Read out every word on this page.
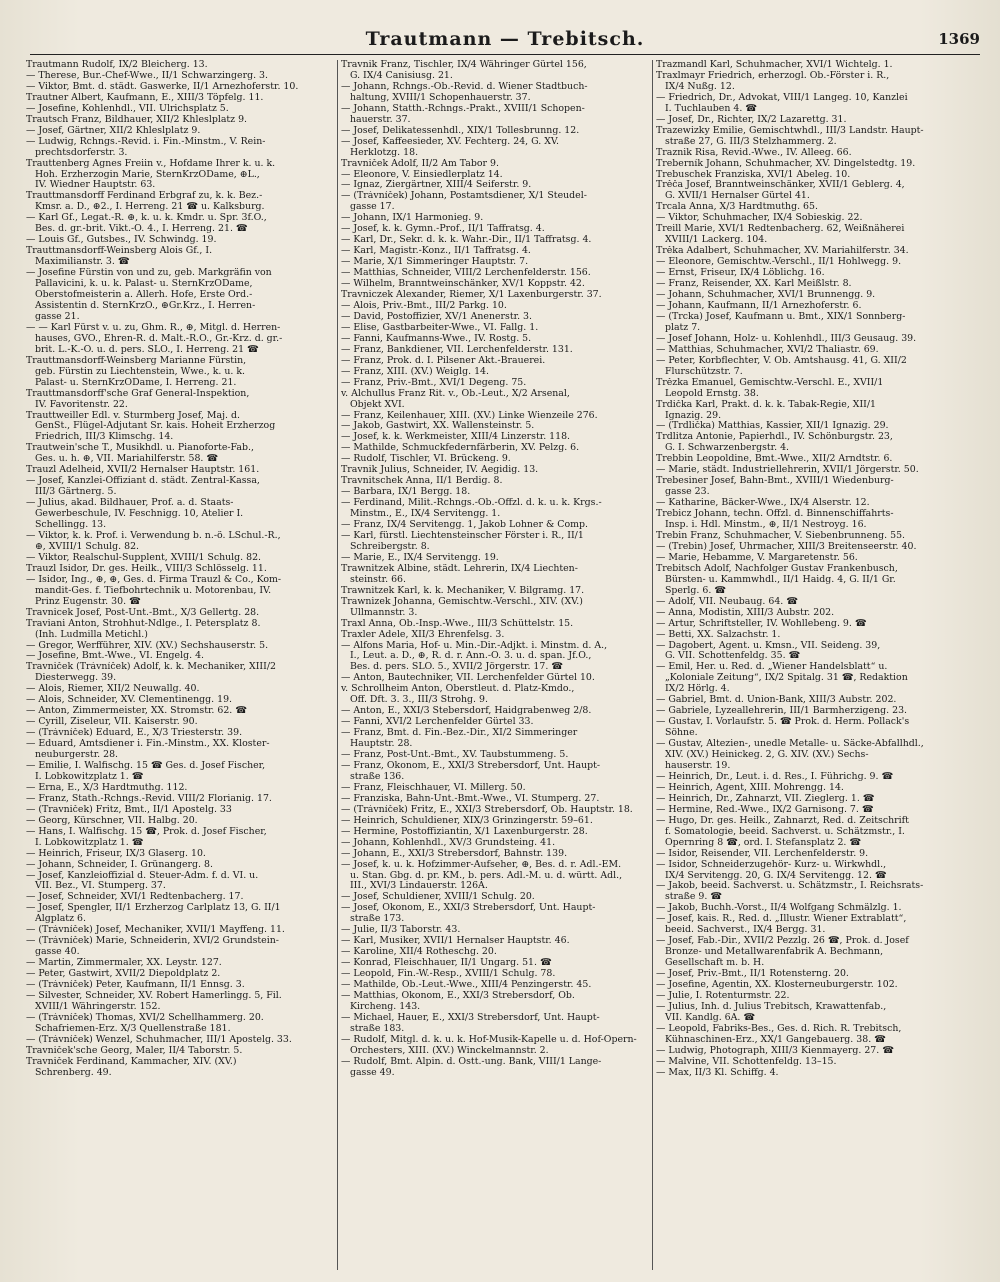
Trautmann — Trebitsch.	1369
Trautmann Rudolf, IX/2 Bleicherg. 13.
— Therese, Bur.-Chef-Wwe., II/1 Schwarzingerg. 3.
— Viktor, Bmt. d. städt. Gaswerke, II/1 Arnezhoferstr. 10.
Trautner Albert, Kaufmann, E., XIII/3 Töpfelg. 11.
— Josefine, Kohlenhdl., VII. Ulrichsplatz 5.
Trautsch Franz, Bildhauer, XII/2 Khleslplatz 9.
— Josef, Gärtner, XII/2 Khleslplatz 9.
— Ludwig, Rchngs.-Revid. i. Fin.-Minstm., V. Rein-
prechtsdorferstr. 3.
Trauttenberg Agnes Freiin v., Hofdame Ihrer k. u. k.
Hoh. Erzherzogin Marie, SternKrzODame, ⊕L.,
IV. Wiedner Hauptstr. 63.
Trauttmansdorff Ferdinand Erbgraf zu, k. k. Bez.-
Kmsr. a. D., ⊕2., I. Herreng. 21 ☎ u. Kalksburg.
— Karl Gf., Legat.-R. ⊕, k. u. k. Kmdr. u. Spr. 3f.O.,
Bes. d. gr.-brit. Vikt.-O. 4., I. Herreng. 21. ☎
— Louis Gf., Gutsbes., IV. Schwindg. 19.
Trauttmansdorff-Weinsberg Alois Gf., I.
Maximilianstr. 3. ☎
— Josefine Fürstin von und zu, geb. Markgräfin von
Pallavicini, k. u. k. Palast- u. SternKrzODame,
Oberstofmeisterin a. Allerh. Hofe, Erste Ord.-
Assistentin d. SternKrzO., ⊕Gr.Krz., I. Herren-
gasse 21.
— — Karl Fürst v. u. zu, Ghm. R., ⊕, Mitgl. d. Herren-
hauses, GVO., Ehren-R. d. Malt.-R.O., Gr.-Krz. d. gr.-
brit. L.-K.-O. u. d. pers. SLO., I. Herreng. 21 ☎
Trauttmansdorff-Weinsberg Marianne Fürstin,
geb. Fürstin zu Liechtenstein, Wwe., k. u. k.
Palast- u. SternKrzODame, I. Herreng. 21.
Trauttmansdorff'sche Graf General-Inspektion,
IV. Favoritenstr. 22.
Trauttweiller Edl. v. Sturmberg Josef, Maj. d.
GenSt., Flügel-Adjutant Sr. kais. Hoheit Erzherzog
Friedrich, III/3 Klimschg. 14.
Trautwein'sche T., Musikhdl. u. Pianoforte-Fab.,
Ges. u. h. ⊕, VII. Mariahilferstr. 58. ☎
Trauzl Adelheid, XVII/2 Hernalser Hauptstr. 161.
— Josef, Kanzlei-Offiziant d. städt. Zentral-Kassa,
III/3 Gärtnerg. 5.
— Julius, akad. Bildhauer, Prof. a. d. Staats-
Gewerbeschule, IV. Feschnigg. 10, Atelier I.
Schellingg. 13.
— Viktor, k. k. Prof. i. Verwendung b. n.-ö. LSchul.-R.,
⊕, XVIII/1 Schulg. 82.
— Viktor, Realschul-Supplent, XVIII/1 Schulg. 82.
Trauzl Isidor, Dr. ges. Heilk., VIII/3 Schlösselg. 11.
— Isidor, Ing., ⊕, ⊕, Ges. d. Firma Trauzl & Co., Kom-
mandit-Ges. f. Tiefbohrtechnik u. Motorenbau, IV.
Prinz Eugenstr. 30. ☎
Travnicek Josef, Post-Unt.-Bmt., X/3 Gellertg. 28.
Traviani Anton, Strohhut-Ndlge., I. Petersplatz 8.
(Inh. Ludmilla Metichl.)
— Gregor, Werfführer, XIV. (XV.) Sechshauserstr. 5.
— Josefine, Bmt.-Wwe., VI. Engelg. 4.
Travniček (Trávníček) Adolf, k. k. Mechaniker, XIII/2
Diesterwegg. 39.
— Alois, Riemer, XII/2 Neuwallg. 40.
— Alois, Schneider, XV. Clementinengg. 19.
— Anton, Zimmermeister, XX. Stromstr. 62. ☎
— Cyrill, Ziseleur, VII. Kaiserstr. 90.
— (Trávníček) Eduard, E., X/3 Triesterstr. 39.
— Eduard, Amtsdiener i. Fin.-Minstm., XX. Kloster-
neuburgerstr. 28.
— Emilie, I. Walfischg. 15 ☎ Ges. d. Josef Fischer,
I. Lobkowitzplatz 1. ☎
— Erna, E., X/3 Hardtmuthg. 112.
— Franz, Stath.-Rchngs.-Revid. VIII/2 Florianig. 17.
— (Travniček) Fritz, Bmt., II/1 Apostelg. 33
— Georg, Kürschner, VII. Halbg. 20.
— Hans, I. Walfischg. 15 ☎, Prok. d. Josef Fischer,
I. Lobkowitzplatz 1. ☎
— Heinrich, Friseur, IX/3 Glaserg. 10.
— Johann, Schneider, I. Grünangerg. 8.
— Josef, Kanzleioffizial d. Steuer-Adm. f. d. VI. u.
VII. Bez., VI. Stumperg. 37.
— Josef, Schneider, XVI/1 Redtenbacherg. 17.
— Josef, Spengler, II/1 Erzherzog Carlplatz 13, G. II/1
Algplatz 6.
— (Trávníček) Josef, Mechaniker, XVII/1 Mayffeng. 11.
— (Trávníček) Marie, Schneiderin, XVI/2 Grundstein-
gasse 40.
— Martin, Zimmermaler, XX. Leystr. 127.
— Peter, Gastwirt, XVII/2 Diepoldplatz 2.
— (Trávníček) Peter, Kaufmann, II/1 Ennsg. 3.
— Silvester, Schneider, XV. Robert Hamerlingg. 5, Fil.
XVIII/1 Währingerstr. 152.
— (Trávníček) Thomas, XVI/2 Schellhammerg. 20.
Schafriemen-Erz. X/3 Quellenstraße 181.
— (Trávníček) Wenzel, Schuhmacher, III/1 Apostelg. 33.
Travniček'sche Georg, Maler, II/4 Taborstr. 5.
Travniček Ferdinand, Kammacher, XIV. (XV.)
Schrenberg. 49.
Travnik Franz, Tischler, IX/4 Währinger Gürtel 156,
G. IX/4 Canisiusg. 21.
— Johann, Rchngs.-Ob.-Revid. d. Wiener Stadtbuch-
haltung, XVIII/1 Schopenhauerstr. 37.
— Johann, Statth.-Rchngs.-Prakt., XVIII/1 Schopen-
hauerstr. 37.
— Josef, Delikatessenhdl., XIX/1 Tollesbrunng. 12.
— Josef, Kaffeesieder, XV. Fechterg. 24, G. XV.
Herklotzg. 18.
Travniček Adolf, II/2 Am Tabor 9.
— Eleonore, V. Einsiedlerplatz 14.
— Ignaz, Ziergärtner, XIII/4 Seiferstr. 9.
— (Trávníček) Johann, Postamtsdiener, X/1 Steudel-
gasse 17.
— Johann, IX/1 Harmonieg. 9.
— Josef, k. k. Gymn.-Prof., II/1 Taffratsg. 4.
— Karl, Dr., Sekr. d. k. k. Wahr.-Dir., II/1 Taffratsg. 4.
— Karl, Magistr.-Konz., II/1 Taffratsg. 4.
— Marie, X/1 Simmeringer Hauptstr. 7.
— Matthias, Schneider, VIII/2 Lerchenfelderstr. 156.
— Wilhelm, Branntweinschänker, XV/1 Koppstr. 42.
Travniczek Alexander, Riemer, X/1 Laxenburgerstr. 37.
— Alois, Priv.-Bmt., III/2 Parkg. 10.
— David, Postoffizier, XV/1 Anenerstr. 3.
— Elise, Gastbarbeiter-Wwe., VI. Fallg. 1.
— Fanni, Kaufmanns-Wwe., IV. Rostg. 5.
— Franz, Bankdiener, VII. Lerchenfelderstr. 131.
— Franz, Prok. d. I. Pilsener Akt.-Brauerei.
— Franz, XIII. (XV.) Weiglg. 14.
— Franz, Priv.-Bmt., XVI/1 Degeng. 75.
v. Alchullus Franz Rit. v., Ob.-Leut., X/2 Arsenal,
Objekt XVI.
— Franz, Keilenhauer, XIII. (XV.) Linke Wienzeile 276.
— Jakob, Gastwirt, XX. Wallensteinstr. 5.
— Josef, k. k. Werkmeister, XIII/4 Linzerstr. 118.
— Mathilde, Schmuckfedernfärberin, XV. Pelzg. 6.
— Rudolf, Tischler, VI. Brückeng. 9.
Travnik Julius, Schneider, IV. Aegidig. 13.
Travnitschek Anna, II/1 Berdig. 8.
— Barbara, IX/1 Bergg. 18.
— Ferdinand, Milit.-Rchngs.-Ob.-Offzl. d. k. u. k. Krgs.-
Minstm., E., IX/4 Servitengg. 1.
— Franz, IX/4 Servitengg. 1, Jakob Lohner & Comp.
— Karl, fürstl. Liechtensteinscher Förster i. R., II/1
Schreibergstr. 8.
— Marie, E., IX/4 Servitengg. 19.
Trawnitzek Albine, städt. Lehrerin, IX/4 Liechten-
steinstr. 66.
Trawnitzek Karl, k. k. Mechaniker, V. Bilgramg. 17.
Trawnizek Johanna, Gemischtw.-Verschl., XIV. (XV.)
Ullmannstr. 3.
Traxl Anna, Ob.-Insp.-Wwe., III/3 Schüttelstr. 15.
Traxler Adele, XII/3 Ehrenfelsg. 3.
— Alfons Maria, Hof- u. Min.-Dir.-Adjkt. i. Minstm. d. A.,
I., Leut. a. D., ⊕, R. d. r. Ann.-O. 3. u. d. span. Jf.O.,
Bes. d. pers. SLO. 5., XVII/2 Jörgerstr. 17. ☎
— Anton, Bautechniker, VII. Lerchenfelder Gürtel 10.
v. Schrollheim Anton, Oberstleut. d. Platz-Kmdo.,
Off. Dft. 3. 3., III/3 Strohg. 9.
— Anton, E., XXI/3 Stebersdorf, Haidgrabenweg 2/8.
— Fanni, XVI/2 Lerchenfelder Gürtel 33.
— Franz, Bmt. d. Fin.-Bez.-Dir., XI/2 Simmeringer
Hauptstr. 28.
— Franz, Post-Unt.-Bmt., XV. Taubstummeng. 5.
— Franz, Ökonom, E., XXI/3 Strebersdorf, Unt. Haupt-
straße 136.
— Franz, Fleischhauer, VI. Millerg. 50.
— Franziska, Bahn-Unt.-Bmt.-Wwe., VI. Stumperg. 27.
— (Trávníček) Fritz, E., XXI/3 Strebersdorf, Ob. Hauptstr. 18.
— Heinrich, Schuldiener, XIX/3 Grinzingerstr. 59–61.
— Hermine, Postoffiziantin, X/1 Laxenburgerstr. 28.
— Johann, Kohlenhdl., XV/3 Grundsteing. 41.
— Johann, E., XXI/3 Strebersdorf, Bahnstr. 139.
— Josef, k. u. k. Hofzimmer-Aufseher, ⊕, Bes. d. r. Adl.-EM.
u. Stan. Gbg. d. pr. KM., b. pers. Adl.-M. u. d. württ. Adl.,
III., XVI/3 Lindauerstr. 126A.
— Josef, Schuldiener, XVIII/1 Schulg. 20.
— Josef, Ökonom, E., XXI/3 Strebersdorf, Unt. Haupt-
straße 173.
— Julie, II/3 Taborstr. 43.
— Karl, Musiker, XVII/1 Hernalser Hauptstr. 46.
— Karoline, XII/4 Rotheschg. 20.
— Konrad, Fleischhauer, II/1 Ungarg. 51. ☎
— Leopold, Fin.-W.-Resp., XVIII/1 Schulg. 78.
— Mathilde, Ob.-Leut.-Wwe., XIII/4 Penzingerstr. 45.
— Matthias, Ökonom, E., XXI/3 Strebersdorf, Ob.
Kircheng. 143.
— Michael, Hauer, E., XXI/3 Strebersdorf, Unt. Haupt-
straße 183.
— Rudolf, Mitgl. d. k. u. k. Hof-Musik-Kapelle u. d. Hof-Opern-
Orchesters, XIII. (XV.) Winckelmannstr. 2.
— Rudolf, Bmt. Alpin. d. Östt.-ung. Bank, VIII/1 Lange-
gasse 49.
Trazmandl Karl, Schuhmacher, XVI/1 Wichtelg. 1.
Traxlmayr Friedrich, erherzogl. Ob.-Förster i. R.,
IX/4 Nußg. 12.
— Friedrich, Dr., Advokat, VIII/1 Langeg. 10, Kanzlei
I. Tuchlauben 4. ☎
— Josef, Dr., Richter, IX/2 Lazarettg. 31.
Trazewizky Emilie, Gemischtwhdl., III/3 Landstr. Haupt-
straße 27, G. III/3 Stelzhammerg. 2.
Traznik Risa, Revid.-Wwe., IV. Alleeg. 66.
Treberník Johann, Schuhmacher, XV. Dingelstedtg. 19.
Trebuschek Franziska, XVI/1 Abeleg. 10.
Trěča Josef, Branntweinschänker, XVII/1 Geblerg. 4,
G. XVII/1 Hernalser Gürtel 41.
Trcala Anna, X/3 Hardtmuthg. 65.
— Viktor, Schuhmacher, IX/4 Sobieskig. 22.
Treill Marie, XVI/1 Redtenbacherg. 62, Weißnäherei
XVIII/1 Lackerg. 104.
Trěka Adalbert, Schuhmacher, XV. Mariahilferstr. 34.
— Eleonore, Gemischtw.-Verschl., II/1 Hohlwegg. 9.
— Ernst, Friseur, IX/4 Löblichg. 16.
— Franz, Reisender, XX. Karl Meißlstr. 8.
— Johann, Schuhmacher, XVI/1 Brunnengg. 9.
— Johann, Kaufmann, II/1 Arnezhoferstr. 6.
— (Trcka) Josef, Kaufmann u. Bmt., XIX/1 Sonnberg-
platz 7.
— Josef Johann, Holz- u. Kohlenhdl., III/3 Geusaug. 39.
— Matthias, Schuhmacher, XVI/2 Thaliastr. 69.
— Peter, Korbflechter, V. Ob. Amtshausg. 41, G. XII/2
Flurschützstr. 7.
Trězka Emanuel, Gemischtw.-Verschl. E., XVII/1
Leopold Ernstg. 38.
Trdička Karl, Prakt. d. k. k. Tabak-Regie, XII/1
Ignazig. 29.
— (Trdlička) Matthias, Kassier, XII/1 Ignazig. 29.
Trdlitza Antonie, Papierhdl., IV. Schönburgstr. 23,
G. I. Schwarzenbergstr. 4.
Trebbin Leopoldine, Bmt.-Wwe., XII/2 Arndtstr. 6.
— Marie, städt. Industriellehrerin, XVII/1 Jörgerstr. 50.
Trebesiner Josef, Bahn-Bmt., XVIII/1 Wiedenburg-
gasse 23.
— Katharine, Bäcker-Wwe., IX/4 Alserstr. 12.
Trebicz Johann, techn. Offzl. d. Binnenschiffahrts-
Insp. i. Hdl. Minstm., ⊕, II/1 Nestroyg. 16.
Trebin Franz, Schuhmacher, V. Siebenbrunneng. 55.
— (Trebin) Josef, Uhrmacher, XIII/3 Breitenseerstr. 40.
— Marie, Hebamme, V. Margaretenstr. 56.
Trebitsch Adolf, Nachfolger Gustav Frankenbusch,
Bürsten- u. Kammwhdl., II/1 Haidg. 4, G. II/1 Gr.
Sperlg. 6. ☎
— Adolf, VII. Neubaug. 64. ☎
— Anna, Modistin, XIII/3 Aubstr. 202.
— Artur, Schriftsteller, IV. Wohllebeng. 9. ☎
— Betti, XX. Salzachstr. 1.
— Dagobert, Agent. u. Kmsn., VII. Seideng. 39,
G. VII. Schottenfeldg. 35. ☎
— Emil, Her. u. Red. d. „Wiener Handelsblatt“ u.
„Koloniale Zeitung“, IX/2 Spitalg. 31 ☎, Redaktion
IX/2 Hörlg. 4.
— Gabriel, Bmt. d. Union-Bank, XIII/3 Aubstr. 202.
— Gabriele, Lyzeallehrerin, III/1 Barmherzigeng. 23.
— Gustav, I. Vorlaufstr. 5. ☎ Prok. d. Herm. Pollack's
Söhne.
— Gustav, Altezien-, unedle Metalle- u. Säcke-Abfallhdl.,
XIV. (XV.) Heinickeg. 2, G. XIV. (XV.) Sechs-
hauserstr. 19.
— Heinrich, Dr., Leut. i. d. Res., I. Führichg. 9. ☎
— Heinrich, Agent, XIII. Mohrengg. 14.
— Heinrich, Dr., Zahnarzt, VII. Zieglerg. 1. ☎
— Hermine, Red.-Wwe., IX/2 Garnisong. 7. ☎
— Hugo, Dr. ges. Heilk., Zahnarzt, Red. d. Zeitschrift
f. Somatologie, beeid. Sachverst. u. Schätzmstr., I.
Opernring 8 ☎, ord. I. Stefansplatz 2. ☎
— Isidor, Reisender, VII. Lerchenfelderstr. 9.
— Isidor, Schneiderzugehör- Kurz- u. Wirkwhdl.,
IX/4 Servitengg. 20, G. IX/4 Servitengg. 12. ☎
— Jakob, beeid. Sachverst. u. Schätzmstr., I. Reichsrats-
straße 9. ☎
— Jakob, Buchh.-Vorst., II/4 Wolfgang Schmälzlg. 1.
— Josef, kais. R., Red. d. „Illustr. Wiener Extrablatt“,
beeid. Sachverst., IX/4 Bergg. 31.
— Josef, Fab.-Dir., XVII/2 Pezzlg. 26 ☎, Prok. d. Josef
Bronze- und Metallwarenfabrik A. Bechmann,
Gesellschaft m. b. H.
— Josef, Priv.-Bmt., II/1 Rotensterng. 20.
— Josefine, Agentin, XX. Klosterneuburgerstr. 102.
— Julie, I. Rotenturmstr. 22.
— Julius, Inh. d. Julius Trebitsch, Krawattenfab.,
VII. Kandlg. 6A. ☎
— Leopold, Fabriks-Bes., Ges. d. Rich. R. Trebitsch,
Kühnaschinen-Erz., XX/1 Gangebauerg. 38. ☎
— Ludwig, Photograph, XIII/3 Kienmayerg. 27. ☎
— Malvine, VII. Schottenfeldg. 13–15.
— Max, II/3 Kl. Schiffg. 4.
